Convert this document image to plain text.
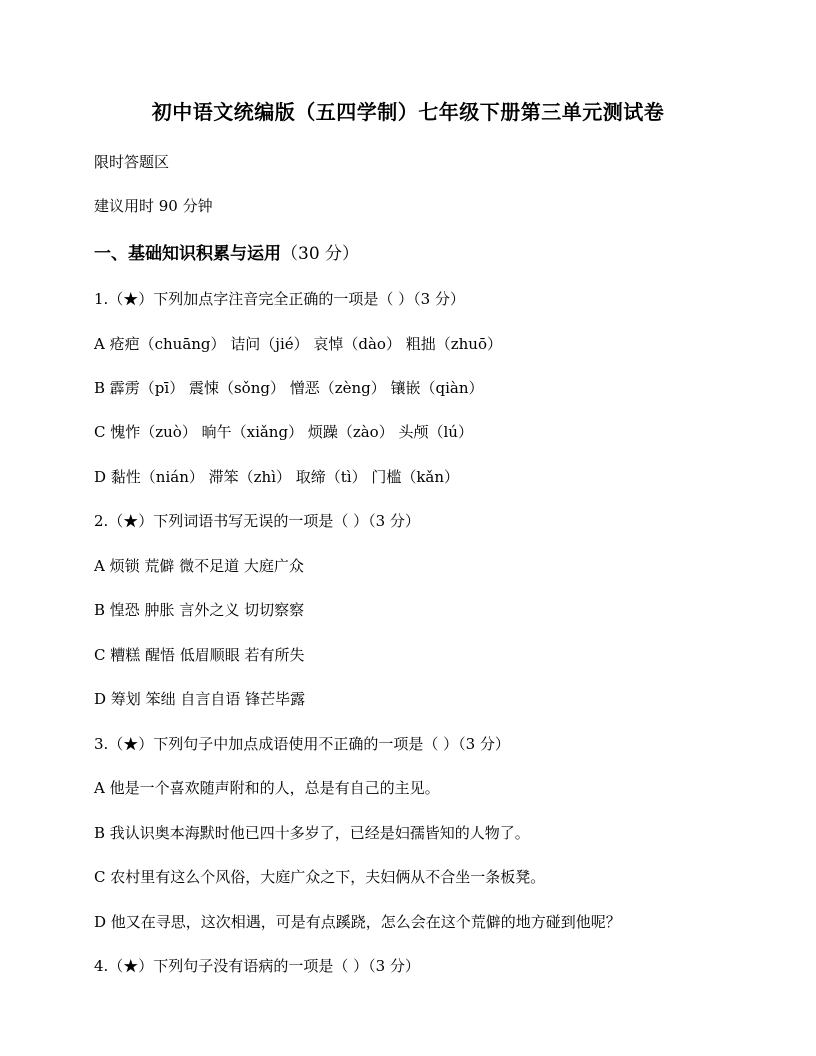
初中语文统编版（五四学制）七年级下册第三单元测试卷
限时答题区
建议用时 90 分钟
一、基础知识积累与运用（30 分）
1.（★）下列加点字注音完全正确的一项是（ ）（3 分）
A 疮疤（chuāng） 诘问（jié） 哀悼（dào） 粗拙（zhuō）
B 霹雳（pī） 震悚（sǒng） 憎恶（zèng） 镶嵌（qiàn）
C 愧怍（zuò） 晌午（xiǎng） 烦躁（zào） 头颅（lú）
D 黏性（nián） 滞笨（zhì） 取缔（tì） 门槛（kǎn）
2.（★）下列词语书写无误的一项是（ ）（3 分）
A 烦锁 荒僻 微不足道 大庭广众
B 惶恐 肿胀 言外之义 切切察察
C 糟糕 醒悟 低眉顺眼 若有所失
D 筹划 笨绌 自言自语 锋芒毕露
3.（★）下列句子中加点成语使用不正确的一项是（ ）（3 分）
A 他是一个喜欢随声附和的人，总是有自己的主见。
B 我认识奥本海默时他已四十多岁了，已经是妇孺皆知的人物了。
C 农村里有这么个风俗，大庭广众之下，夫妇俩从不合坐一条板凳。
D 他又在寻思，这次相遇，可是有点蹊跷，怎么会在这个荒僻的地方碰到他呢？
4.（★）下列句子没有语病的一项是（ ）（3 分）
